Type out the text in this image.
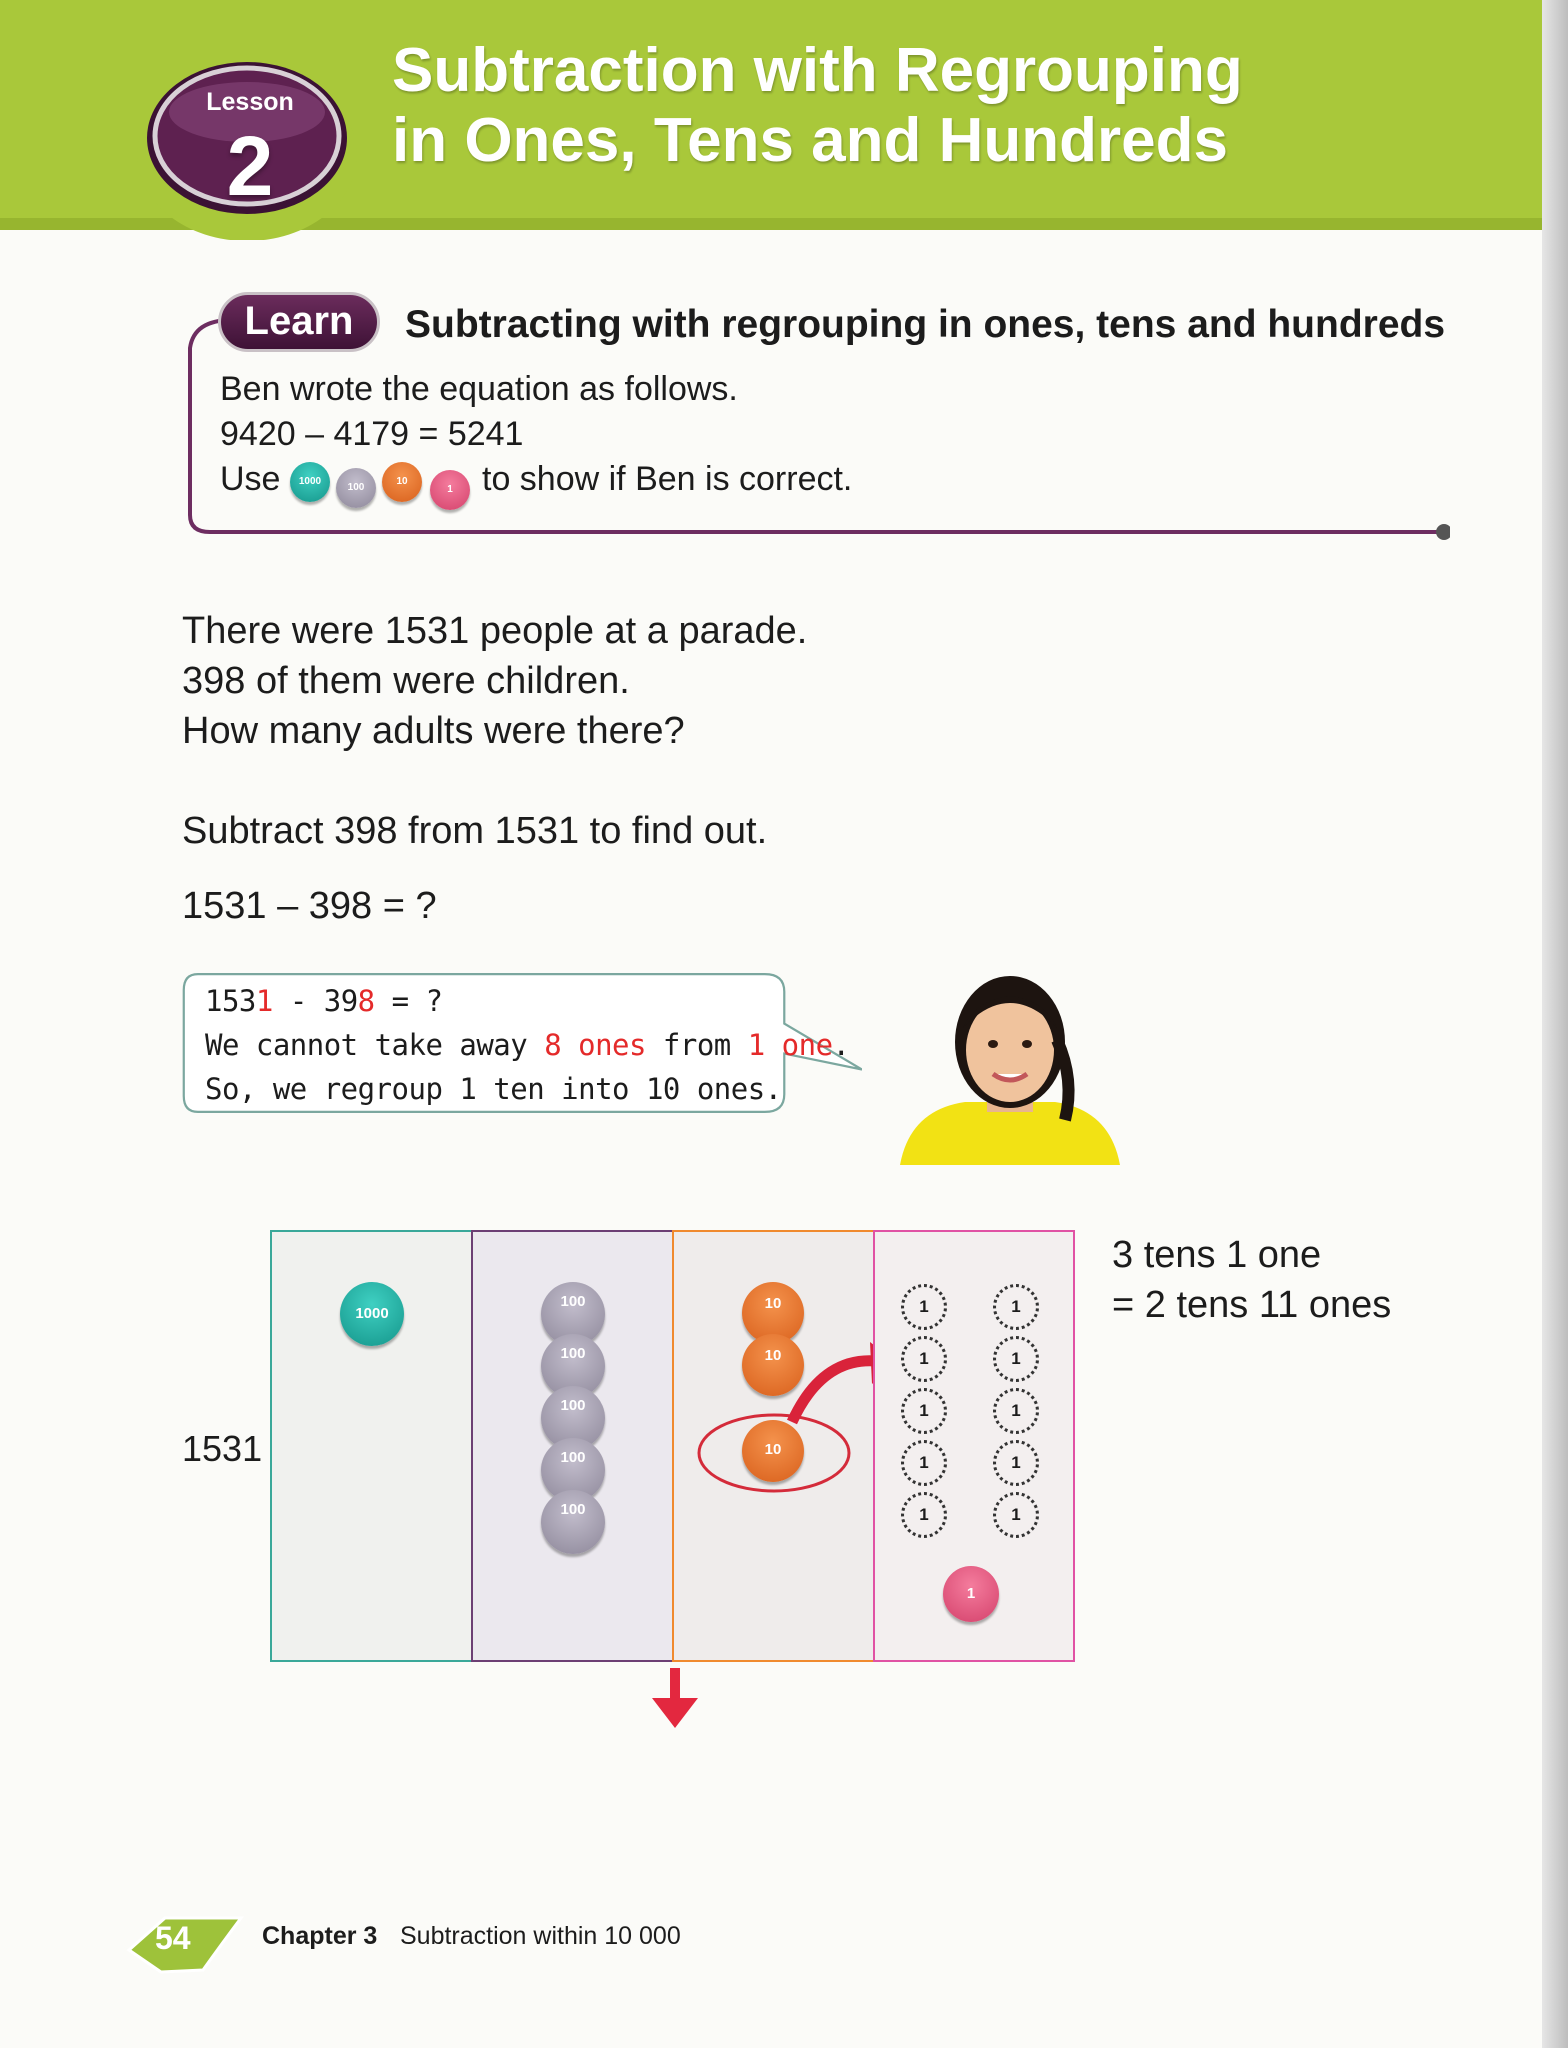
Lesson
2
Subtraction with Regrouping
in Ones, Tens and Hundreds
Learn	Subtracting with regrouping in ones, tens and hundreds
Ben wrote the equation as follows.
9420 – 4179 = 5241
Use	1000
100
10
1 to show if Ben is correct.
There were 1531 people at a parade.
398 of them were children.
How many adults were there?
Subtract 398 from 1531 to find out.
1531 – 398 = ?
1531 - 398 = ?
We cannot take away 8 ones from 1 one.
So, we regroup 1 ten into 10 ones.
1531
1000
100
100
100
100
100
10
10
10
1	1
1	1
1	1
1	1
1	1
1
3 tens 1 one
= 2 tens 11 ones
54	Chapter 3 Subtraction within 10 000
